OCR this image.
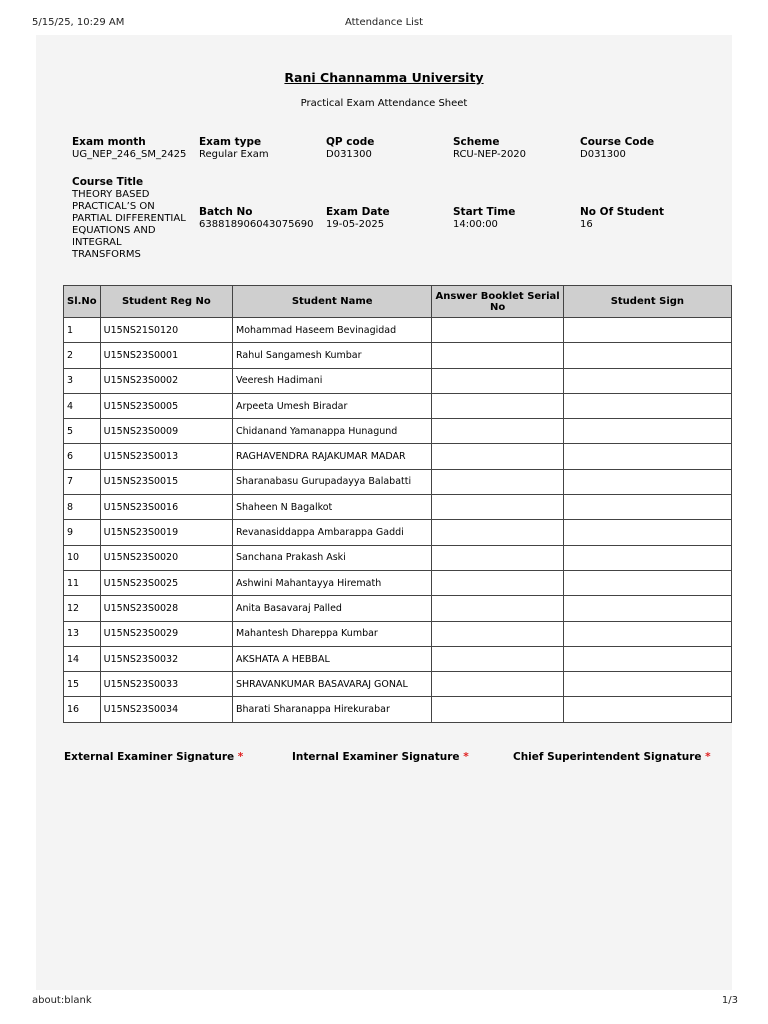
5/15/25, 10:29 AM	Attendance List
Rani Channamma University
Practical Exam Attendance Sheet
Exam month
UG_NEP_246_SM_2425
Exam type
Regular Exam
QP code
D031300
Scheme
RCU-NEP-2020
Course Code
D031300
Course Title
THEORY BASED
PRACTICAL’S ON
PARTIAL DIFFERENTIAL
EQUATIONS AND
INTEGRAL
TRANSFORMS
Batch No
638818906043075690
Exam Date
19-05-2025
Start Time
14:00:00
No Of Student
16
Sl.No	Student Reg No	Student Name	Answer Booklet Serial No	Student Sign
1	U15NS21S0120	Mohammad Haseem Bevinagidad		
2	U15NS23S0001	Rahul Sangamesh Kumbar		
3	U15NS23S0002	Veeresh Hadimani		
4	U15NS23S0005	Arpeeta Umesh Biradar		
5	U15NS23S0009	Chidanand Yamanappa Hunagund		
6	U15NS23S0013	RAGHAVENDRA RAJAKUMAR MADAR		
7	U15NS23S0015	Sharanabasu Gurupadayya Balabatti		
8	U15NS23S0016	Shaheen N Bagalkot		
9	U15NS23S0019	Revanasiddappa Ambarappa Gaddi		
10	U15NS23S0020	Sanchana Prakash Aski		
11	U15NS23S0025	Ashwini Mahantayya Hiremath		
12	U15NS23S0028	Anita Basavaraj Palled		
13	U15NS23S0029	Mahantesh Dhareppa Kumbar		
14	U15NS23S0032	AKSHATA A HEBBAL		
15	U15NS23S0033	SHRAVANKUMAR BASAVARAJ GONAL		
16	U15NS23S0034	Bharati Sharanappa Hirekurabar		
External Examiner Signature *	Internal Examiner Signature *	Chief Superintendent Signature *
about:blank	1/3
